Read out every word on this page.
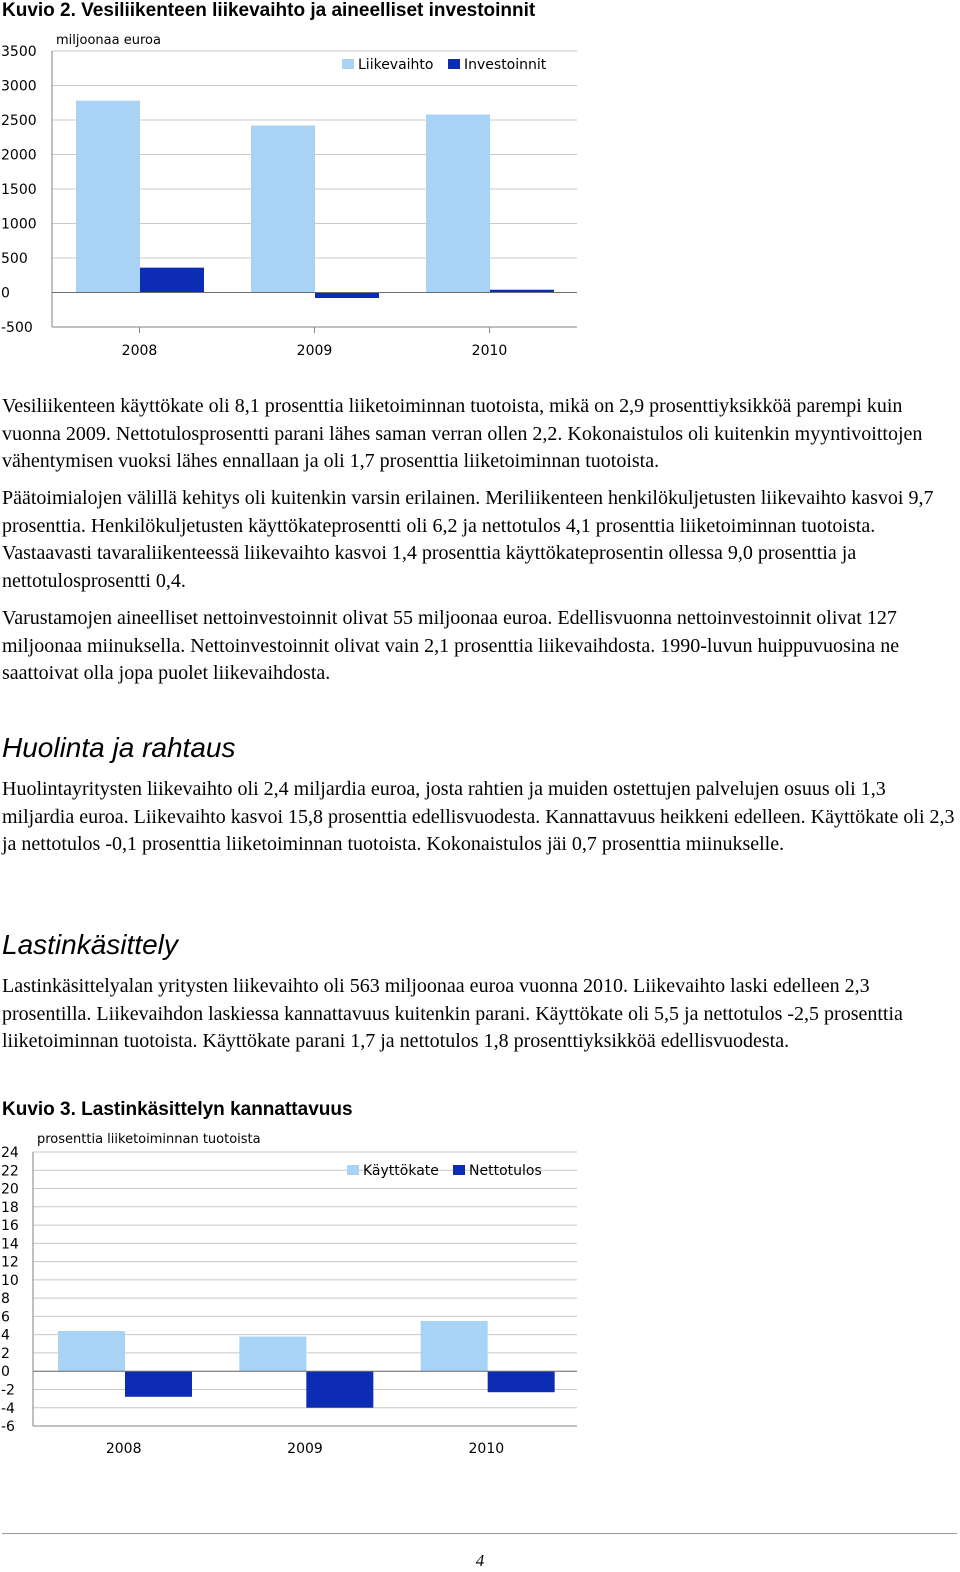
Kuvio 2. Vesiliikenteen liikevaihto ja aineelliset investoinnit
-500
0
500
1000
1500
2000
2500
3000
3500
2008	2009	2010
miljoonaa euroa
Liikevaihto Investoinnit

Vesiliikenteen käyttökate oli 8,1 prosenttia liiketoiminnan tuotoista, mikä on 2,9 prosenttiyksikköä parempi kuin vuonna 2009. Nettotulosprosentti parani lähes saman verran ollen 2,2. Kokonaistulos oli kuitenkin myyntivoittojen vähentymisen vuoksi lähes ennallaan ja oli 1,7 prosenttia liiketoiminnan tuotoista.

Päätoimialojen välillä kehitys oli kuitenkin varsin erilainen. Meriliikenteen henkilökuljetusten liikevaihto kasvoi 9,7 prosenttia. Henkilökuljetusten käyttökateprosentti oli 6,2 ja nettotulos 4,1 prosenttia liiketoiminnan tuotoista. Vastaavasti tavaraliikenteessä liikevaihto kasvoi 1,4 prosenttia käyttökateprosentin ollessa 9,0 prosenttia ja nettotulosprosentti 0,4.

Varustamojen aineelliset nettoinvestoinnit olivat 55 miljoonaa euroa. Edellisvuonna nettoinvestoinnit olivat 127 miljoonaa miinuksella. Nettoinvestoinnit olivat vain 2,1 prosenttia liikevaihdosta. 1990-luvun huippuvuosina ne saattoivat olla jopa puolet liikevaihdosta.

Huolinta ja rahtaus

Huolintayritysten liikevaihto oli 2,4 miljardia euroa, josta rahtien ja muiden ostettujen palvelujen osuus oli 1,3 miljardia euroa. Liikevaihto kasvoi 15,8 prosenttia edellisvuodesta. Kannattavuus heikkeni edelleen. Käyttökate oli 2,3 ja nettotulos -0,1 prosenttia liiketoiminnan tuotoista. Kokonaistulos jäi 0,7 prosenttia miinukselle.

Lastinkäsittely

Lastinkäsittelyalan yritysten liikevaihto oli 563 miljoonaa euroa vuonna 2010. Liikevaihto laski edelleen 2,3 prosentilla. Liikevaihdon laskiessa kannattavuus kuitenkin parani. Käyttökate oli 5,5 ja nettotulos -2,5 prosenttia liiketoiminnan tuotoista. Käyttökate parani 1,7 ja nettotulos 1,8 prosenttiyksikköä edellisvuodesta.

Kuvio 3. Lastinkäsittelyn kannattavuus
-6
-4
-2
0
2
4
6
8
10
12
14
16
18
20
22
24
2008	2009	2010
prosenttia liiketoiminnan tuotoista
Käyttökate Nettotulos
4
